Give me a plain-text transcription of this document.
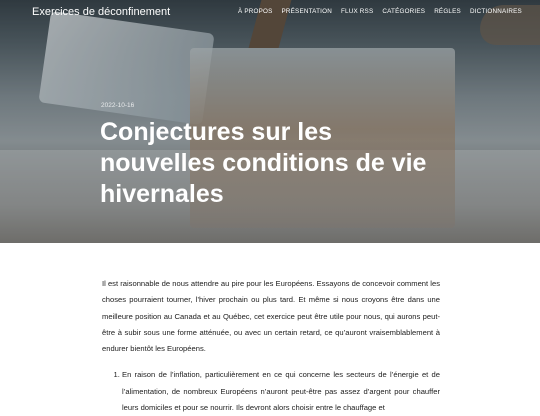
Exercices de déconfinement	À PROPOS PRÉSENTATION FLUX RSS CATÉGORIES RÉGLES DICTIONNAIRES
2022-10-16
Conjectures sur les nouvelles conditions de vie hivernales

Il est raisonnable de nous attendre au pire pour les Européens. Essayons de concevoir comment les choses pourraient tourner, l’hiver prochain ou plus tard. Et même si nous croyons être dans une meilleure position au Canada et au Québec, cet exercice peut être utile pour nous, qui aurons peut-être à subir sous une forme atténuée, ou avec un certain retard, ce qu’auront vraisemblablement à endurer bientôt les Européens.

1. En raison de l’inflation, particulièrement en ce qui concerne les secteurs de l’énergie et de l’alimentation, de nombreux Européens n’auront peut-être pas assez d’argent pour chauffer leurs domiciles et pour se nourrir. Ils devront alors choisir entre le chauffage et
